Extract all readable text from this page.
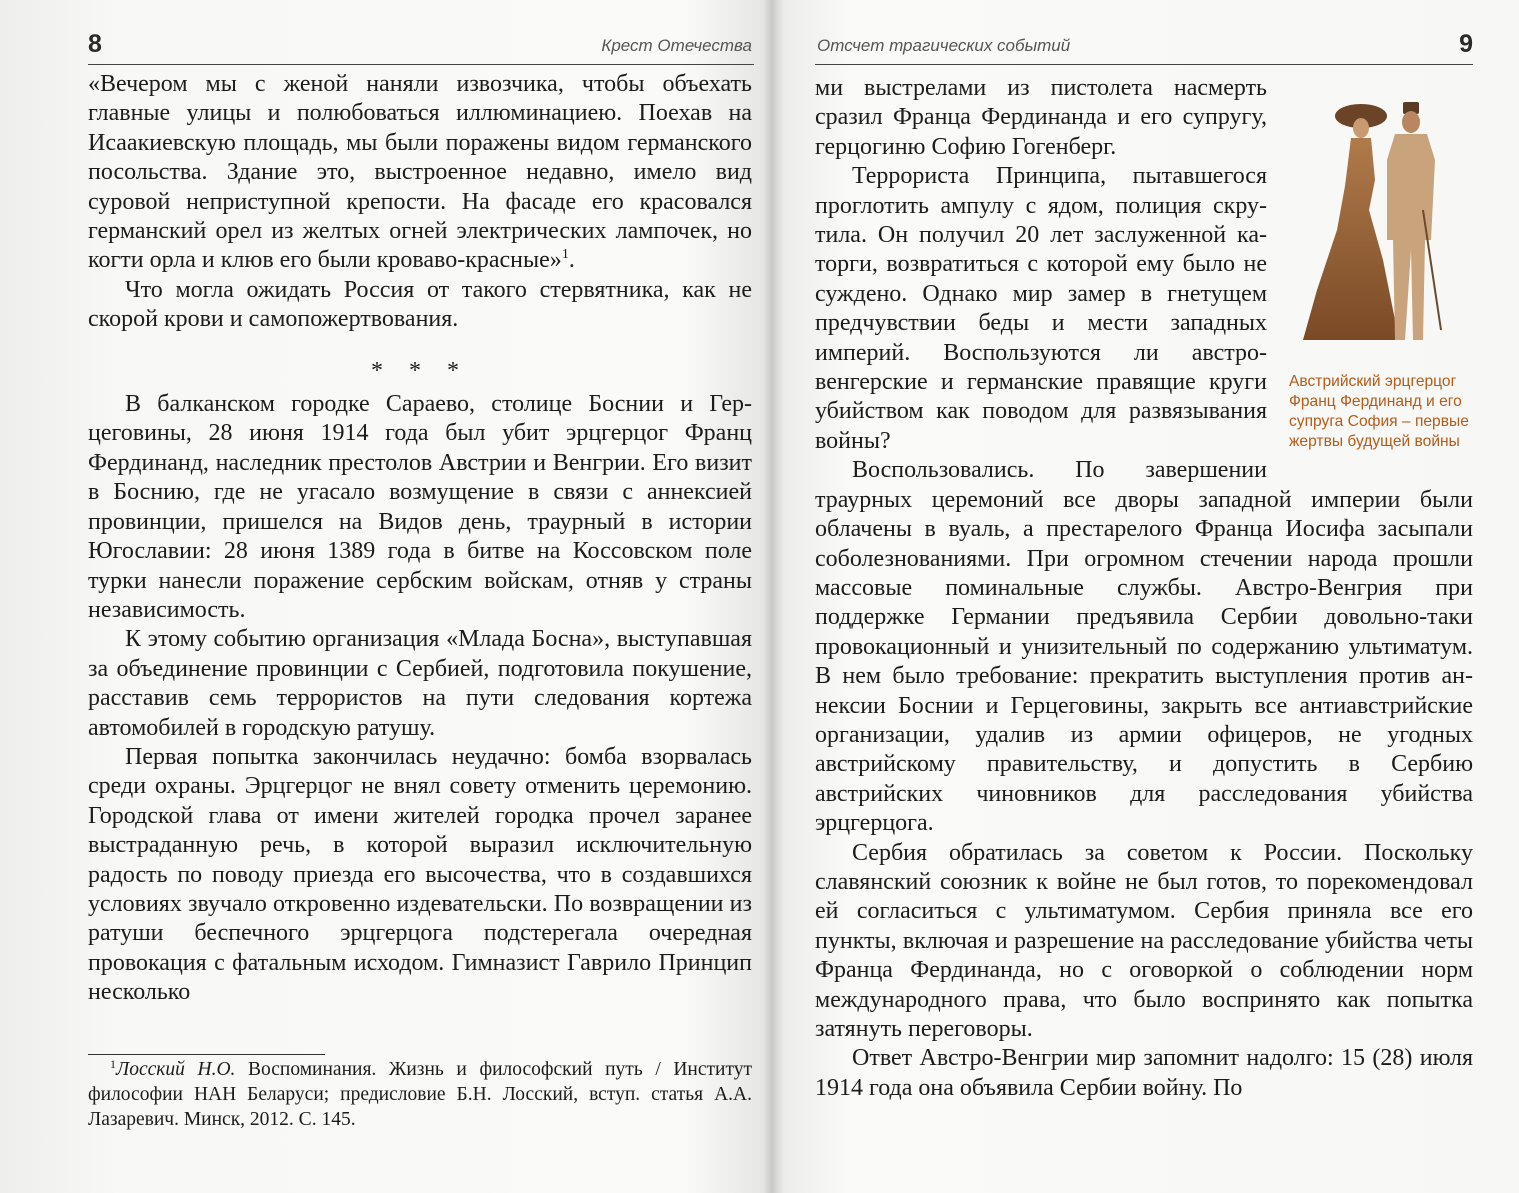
8	Крест Отечества

«Вечером мы с женой наняли извозчика, чтобы объехать главные улицы и полюбоваться иллюминациею. Поехав на Исаакиевскую площадь, мы были поражены видом германского посольства. Здание это, выстроенное недавно, имело вид суровой неприступной крепости. На фасаде его красовался германский орел из желтых огней электрических лампочек, но когти орла и клюв его были кроваво-красные»$^1$.

Что могла ожидать Россия от такого стервятника, как не скорой крови и самопожертвования.

* * *

В балканском городке Сараево, столице Боснии и Герцеговины, 28 июня 1914 года был убит эрцгерцог Франц Фердинанд, наследник престолов Австрии и Венгрии. Его визит в Боснию, где не угасало возмущение в связи с аннексией провинции, пришелся на Видов день, траурный в истории Югославии: 28 июня 1389 года в битве на Коссовском поле турки нанесли поражение сербским войскам, отняв у страны независимость.

К этому событию организация «Млада Босна», выступавшая за объединение провинции с Сербией, подготовила покушение, расставив семь террористов на пути следования кортежа автомобилей в городскую ратушу.

Первая попытка закончилась неудачно: бомба взорвалась среди охраны. Эрцгерцог не внял совету отменить церемонию. Городской глава от имени жителей городка прочел заранее выстраданную речь, в которой выразил исключительную радость по поводу приезда его высочества, что в создавшихся условиях звучало откровенно издевательски. По возвращении из ратуши беспечного эрцгерцога подстерегала очередная провокация с фатальным исходом. Гимназист Гаврило Принцип несколько

$^1$Лосский Н.О. Воспоминания. Жизнь и философский путь / Институт философии НАН Беларуси; предисловие Б.Н. Лосский, вступ. статья А.А. Лазаревич. Минск, 2012. С. 145.
Отсчет трагических событий	9

ми выстрелами из пистолета насмерть сразил Франца Фердинанда и его супругу, герцогиню Софию Гогенберг.

Террориста Принципа, пытавшегося проглотить ампулу с ядом, полиция скрутила. Он получил 20 лет заслуженной каторги, возвратиться с которой ему было не суждено. Однако мир замер в гнетущем предчувствии беды и мести западных империй. Воспользуются ли австро-венгерские и германские правящие круги убийством как поводом для развязывания войны?

Воспользовались. По завершении траурных церемоний все дворы западной империи были облачены в вуаль, а престарелого Франца Иосифа засыпали соболезнованиями. При огромном стечении народа прошли массовые поминальные службы. Австро-Венгрия при поддержке Германии предъявила Сербии довольно-таки провокационный и унизительный по содержанию ультиматум. В нем было требование: прекратить выступления против аннексии Боснии и Герцеговины, закрыть все антиавстрийские организации, удалив из армии офицеров, не угодных австрийскому правительству, и допустить в Сербию австрийских чиновников для расследования убийства эрцгерцога.

Сербия обратилась за советом к России. Поскольку славянский союзник к войне не был готов, то порекомендовал ей согласиться с ультиматумом. Сербия приняла все его пункты, включая и разрешение на расследование убийства четы Франца Фердинанда, но с оговоркой о соблюдении норм международного права, что было воспринято как попытка затянуть переговоры.

Ответ Австро-Венгрии мир запомнит надолго: 15 (28) июля 1914 года она объявила Сербии войну. По

Австрийский эрцгерцог Франц Фердинанд и его супруга София – первые жертвы будущей войны
